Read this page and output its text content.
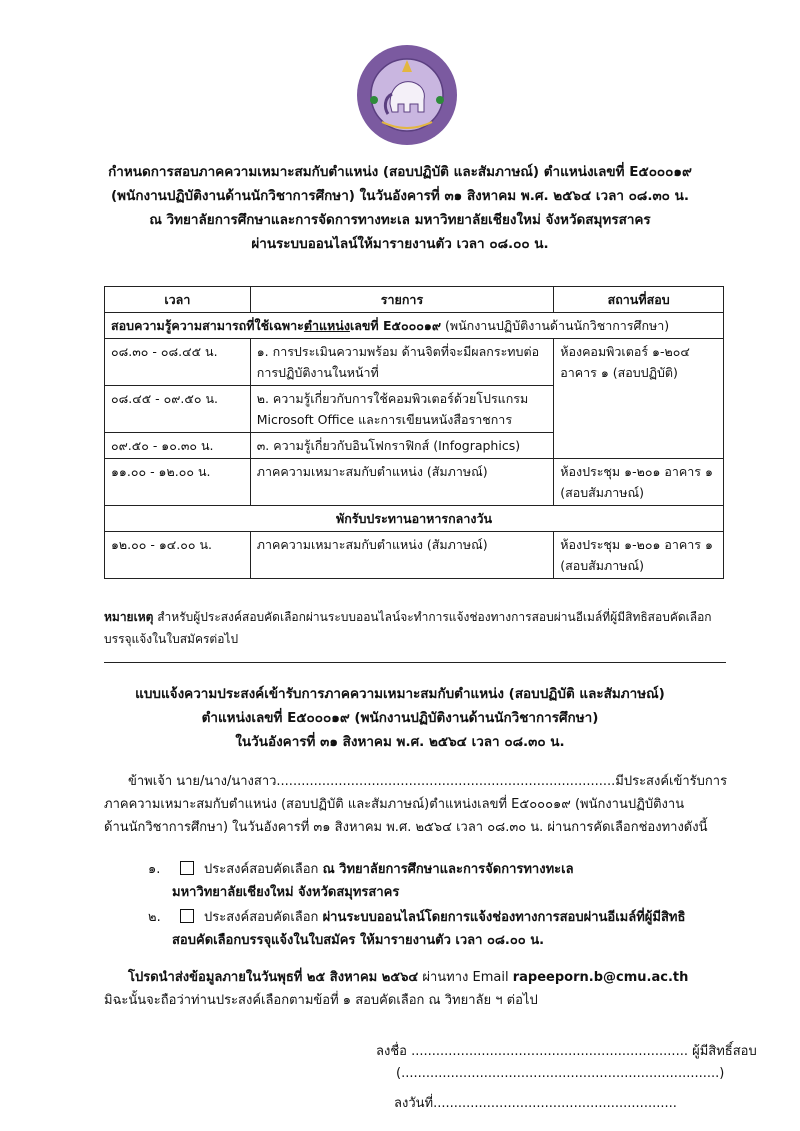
กำหนดการสอบภาคความเหมาะสมกับตำแหน่ง (สอบปฏิบัติ และสัมภาษณ์) ตำแหน่งเลขที่ E๕๐๐๐๑๙
(พนักงานปฏิบัติงานด้านนักวิชาการศึกษา) ในวันอังคารที่ ๓๑ สิงหาคม พ.ศ. ๒๕๖๔ เวลา ๐๘.๓๐ น.
ณ วิทยาลัยการศึกษาและการจัดการทางทะเล มหาวิทยาลัยเชียงใหม่ จังหวัดสมุทรสาคร
ผ่านระบบออนไลน์ให้มารายงานตัว เวลา ๐๘.๐๐ น.
เวลา	รายการ	สถานที่สอบ
สอบความรู้ความสามารถที่ใช้เฉพาะตำแหน่งเลขที่ E๕๐๐๐๑๙ (พนักงานปฏิบัติงานด้านนักวิชาการศึกษา)		
๐๘.๓๐ - ๐๘.๔๕ น.	๑. การประเมินความพร้อม ด้านจิตที่จะมีผลกระทบต่อการปฏิบัติงานในหน้าที่	ห้องคอมพิวเตอร์ ๑-๒๐๔ อาคาร ๑ (สอบปฏิบัติ)
๐๘.๔๕ - ๐๙.๕๐ น.	๒. ความรู้เกี่ยวกับการใช้คอมพิวเตอร์ด้วยโปรแกรม Microsoft Office และการเขียนหนังสือราชการ	
๐๙.๕๐ - ๑๐.๓๐ น.	๓. ความรู้เกี่ยวกับอินโฟกราฟิกส์ (Infographics)	
๑๑.๐๐ - ๑๒.๐๐ น.	ภาคความเหมาะสมกับตำแหน่ง (สัมภาษณ์)	ห้องประชุม ๑-๒๐๑ อาคาร ๑ (สอบสัมภาษณ์)
พักรับประทานอาหารกลางวัน		
๑๒.๐๐ - ๑๔.๐๐ น.	ภาคความเหมาะสมกับตำแหน่ง (สัมภาษณ์)	ห้องประชุม ๑-๒๐๑ อาคาร ๑ (สอบสัมภาษณ์)
หมายเหตุ สำหรับผู้ประสงค์สอบคัดเลือกผ่านระบบออนไลน์จะทำการแจ้งช่องทางการสอบผ่านอีเมล์ที่ผู้มีสิทธิสอบคัดเลือกบรรจุแจ้งในใบสมัครต่อไป
แบบแจ้งความประสงค์เข้ารับการภาคความเหมาะสมกับตำแหน่ง (สอบปฏิบัติ และสัมภาษณ์)
ตำแหน่งเลขที่ E๕๐๐๐๑๙ (พนักงานปฏิบัติงานด้านนักวิชาการศึกษา)
ในวันอังคารที่ ๓๑ สิงหาคม พ.ศ. ๒๕๖๔ เวลา ๐๘.๓๐ น.
ข้าพเจ้า นาย/นาง/นางสาว..................................................................................มีประสงค์เข้ารับการ
ภาคความเหมาะสมกับตำแหน่ง (สอบปฏิบัติ และสัมภาษณ์)ตำแหน่งเลขที่ E๕๐๐๐๑๙ (พนักงานปฏิบัติงาน
ด้านนักวิชาการศึกษา) ในวันอังคารที่ ๓๑ สิงหาคม พ.ศ. ๒๕๖๔ เวลา ๐๘.๓๐ น. ผ่านการคัดเลือกช่องทางดังนี้
๑.	ประสงค์สอบคัดเลือก ณ วิทยาลัยการศึกษาและการจัดการทางทะเล
มหาวิทยาลัยเชียงใหม่ จังหวัดสมุทรสาคร
๒.	ประสงค์สอบคัดเลือก ผ่านระบบออนไลน์โดยการแจ้งช่องทางการสอบผ่านอีเมล์ที่ผู้มีสิทธิ
สอบคัดเลือกบรรจุแจ้งในใบสมัคร ให้มารายงานตัว เวลา ๐๘.๐๐ น.
โปรดนำส่งข้อมูลภายในวันพุธที่ ๒๕ สิงหาคม ๒๕๖๔ ผ่านทาง Email rapeeporn.b@cmu.ac.th
มิฉะนั้นจะถือว่าท่านประสงค์เลือกตามข้อที่ ๑ สอบคัดเลือก ณ วิทยาลัย ฯ ต่อไป
ลงชื่อ ................................................................... ผู้มีสิทธิ์สอบ
(.............................................................................)
ลงวันที่...........................................................
